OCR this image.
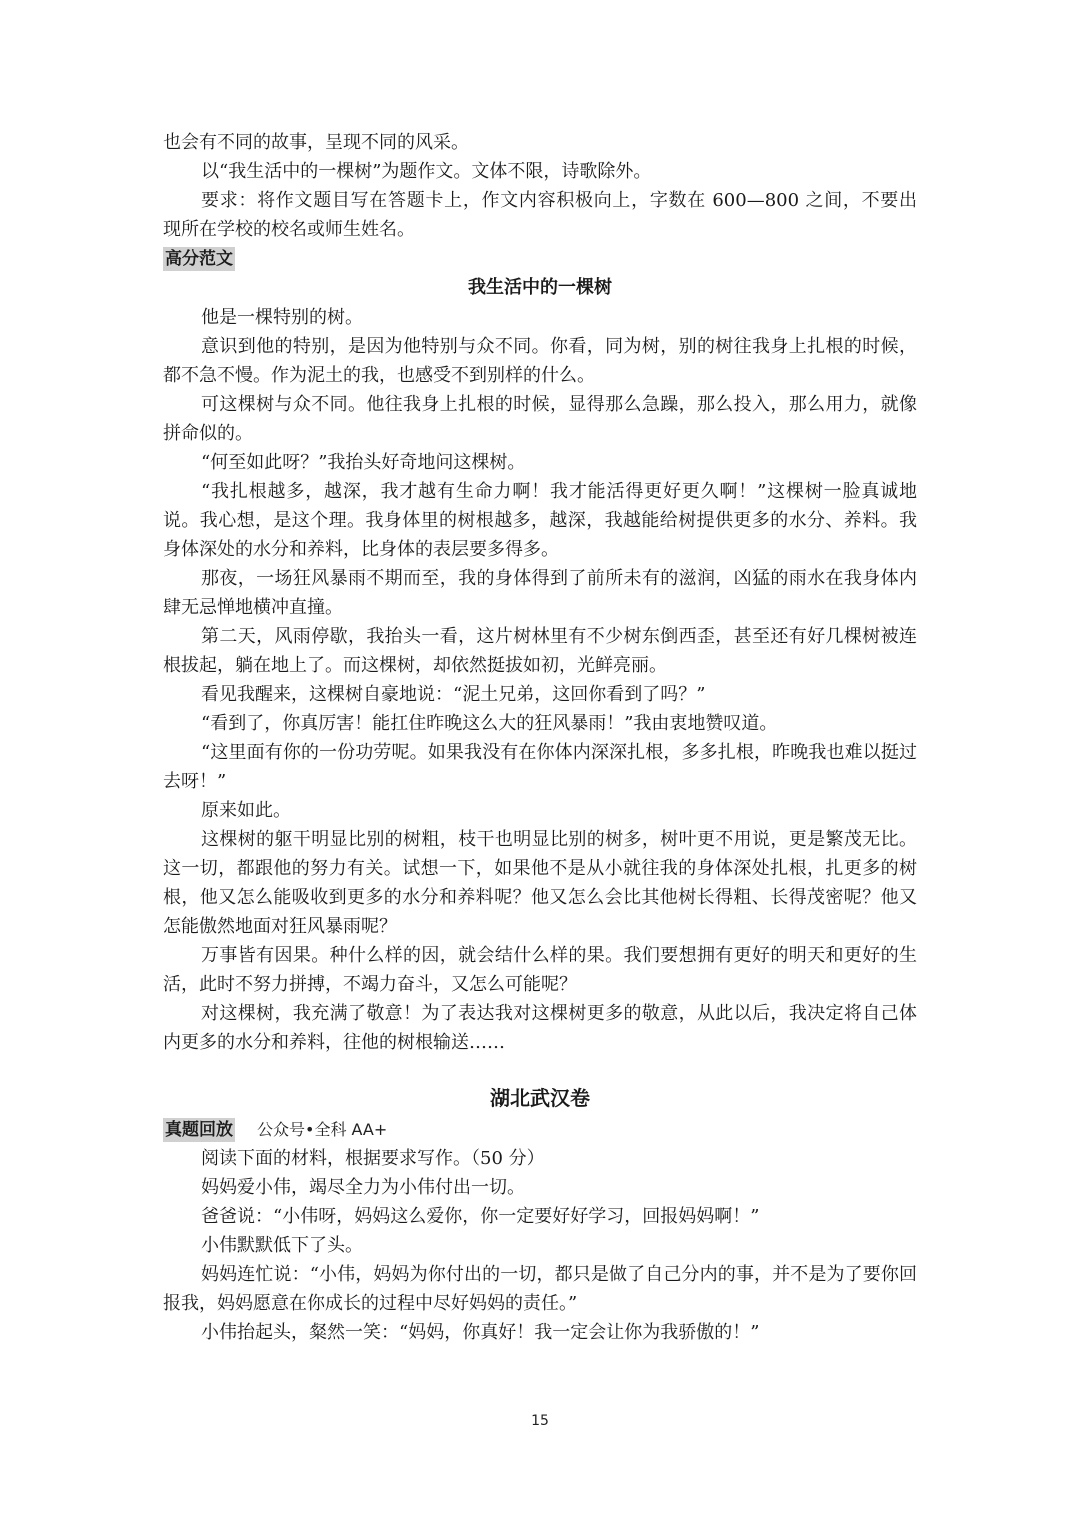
也会有不同的故事，呈现不同的风采。

以“我生活中的一棵树”为题作文。文体不限，诗歌除外。

要求：将作文题目写在答题卡上，作文内容积极向上，字数在 600—800 之间，不要出

现所在学校的校名或师生姓名。

高分范文

我生活中的一棵树

他是一棵特别的树。

意识到他的特别，是因为他特别与众不同。你看，同为树，别的树往我身上扎根的时候，都不急不慢。作为泥土的我，也感受不到别样的什么。

可这棵树与众不同。他往我身上扎根的时候，显得那么急躁，那么投入，那么用力，就像拼命似的。

“何至如此呀？”我抬头好奇地问这棵树。

“我扎根越多，越深，我才越有生命力啊！我才能活得更好更久啊！”这棵树一脸真诚地说。我心想，是这个理。我身体里的树根越多，越深，我越能给树提供更多的水分、养料。我身体深处的水分和养料，比身体的表层要多得多。

那夜，一场狂风暴雨不期而至，我的身体得到了前所未有的滋润，凶猛的雨水在我身体内肆无忌惮地横冲直撞。

第二天，风雨停歇，我抬头一看，这片树林里有不少树东倒西歪，甚至还有好几棵树被连根拔起，躺在地上了。而这棵树，却依然挺拔如初，光鲜亮丽。

看见我醒来，这棵树自豪地说：“泥土兄弟，这回你看到了吗？”

“看到了，你真厉害！能扛住昨晚这么大的狂风暴雨！”我由衷地赞叹道。

“这里面有你的一份功劳呢。如果我没有在你体内深深扎根，多多扎根，昨晚我也难以挺过去呀！”

原来如此。

这棵树的躯干明显比别的树粗，枝干也明显比别的树多，树叶更不用说，更是繁茂无比。这一切，都跟他的努力有关。试想一下，如果他不是从小就往我的身体深处扎根，扎更多的树根，他又怎么能吸收到更多的水分和养料呢？他又怎么会比其他树长得粗、长得茂密呢？他又怎能傲然地面对狂风暴雨呢？

万事皆有因果。种什么样的因，就会结什么样的果。我们要想拥有更好的明天和更好的生活，此时不努力拼搏，不竭力奋斗，又怎么可能呢？

对这棵树，我充满了敬意！为了表达我对这棵树更多的敬意，从此以后，我决定将自己体内更多的水分和养料，往他的树根输送……

湖北武汉卷

真题回放 公众号•全科 AA+

阅读下面的材料，根据要求写作。（50 分）

妈妈爱小伟，竭尽全力为小伟付出一切。

爸爸说：“小伟呀，妈妈这么爱你，你一定要好好学习，回报妈妈啊！”

小伟默默低下了头。

妈妈连忙说：“小伟，妈妈为你付出的一切，都只是做了自己分内的事，并不是为了要你回报我，妈妈愿意在你成长的过程中尽好妈妈的责任。”

小伟抬起头，粲然一笑：“妈妈，你真好！我一定会让你为我骄傲的！”

15
